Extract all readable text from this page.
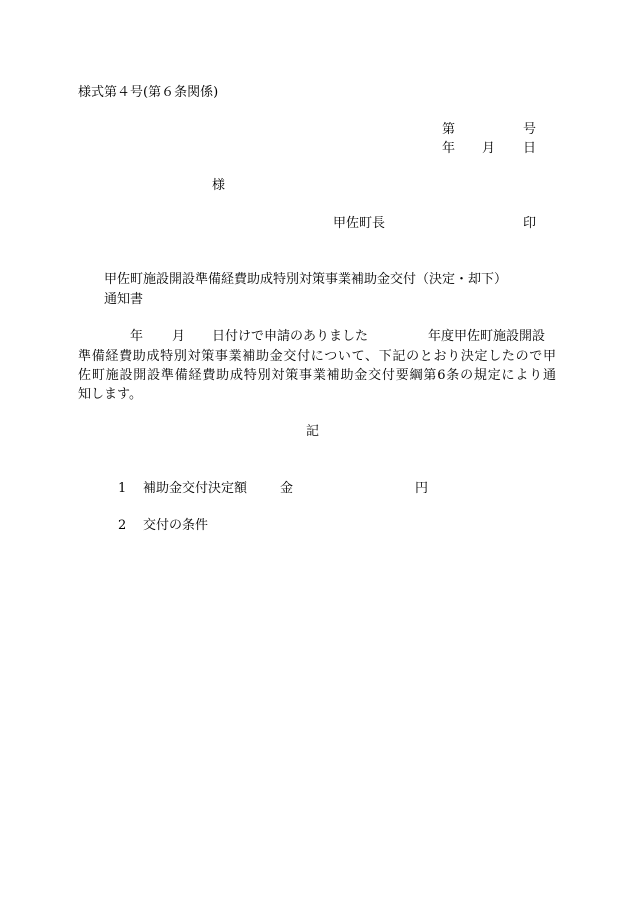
様式第４号(第６条関係)
第	号
年 月 日
様
甲佐町長	印
甲佐町施設開設準備経費助成特別対策事業補助金交付（決定・却下）
通知書
年 月 日付けで申請のありました	年度甲佐町施設開設
準備経費助成特別対策事業補助金交付について、下記のとおり決定したので甲
佐町施設開設準備経費助成特別対策事業補助金交付要綱第6条の規定により通
知します。
記
1 補助金交付決定額	金	円
2 交付の条件
